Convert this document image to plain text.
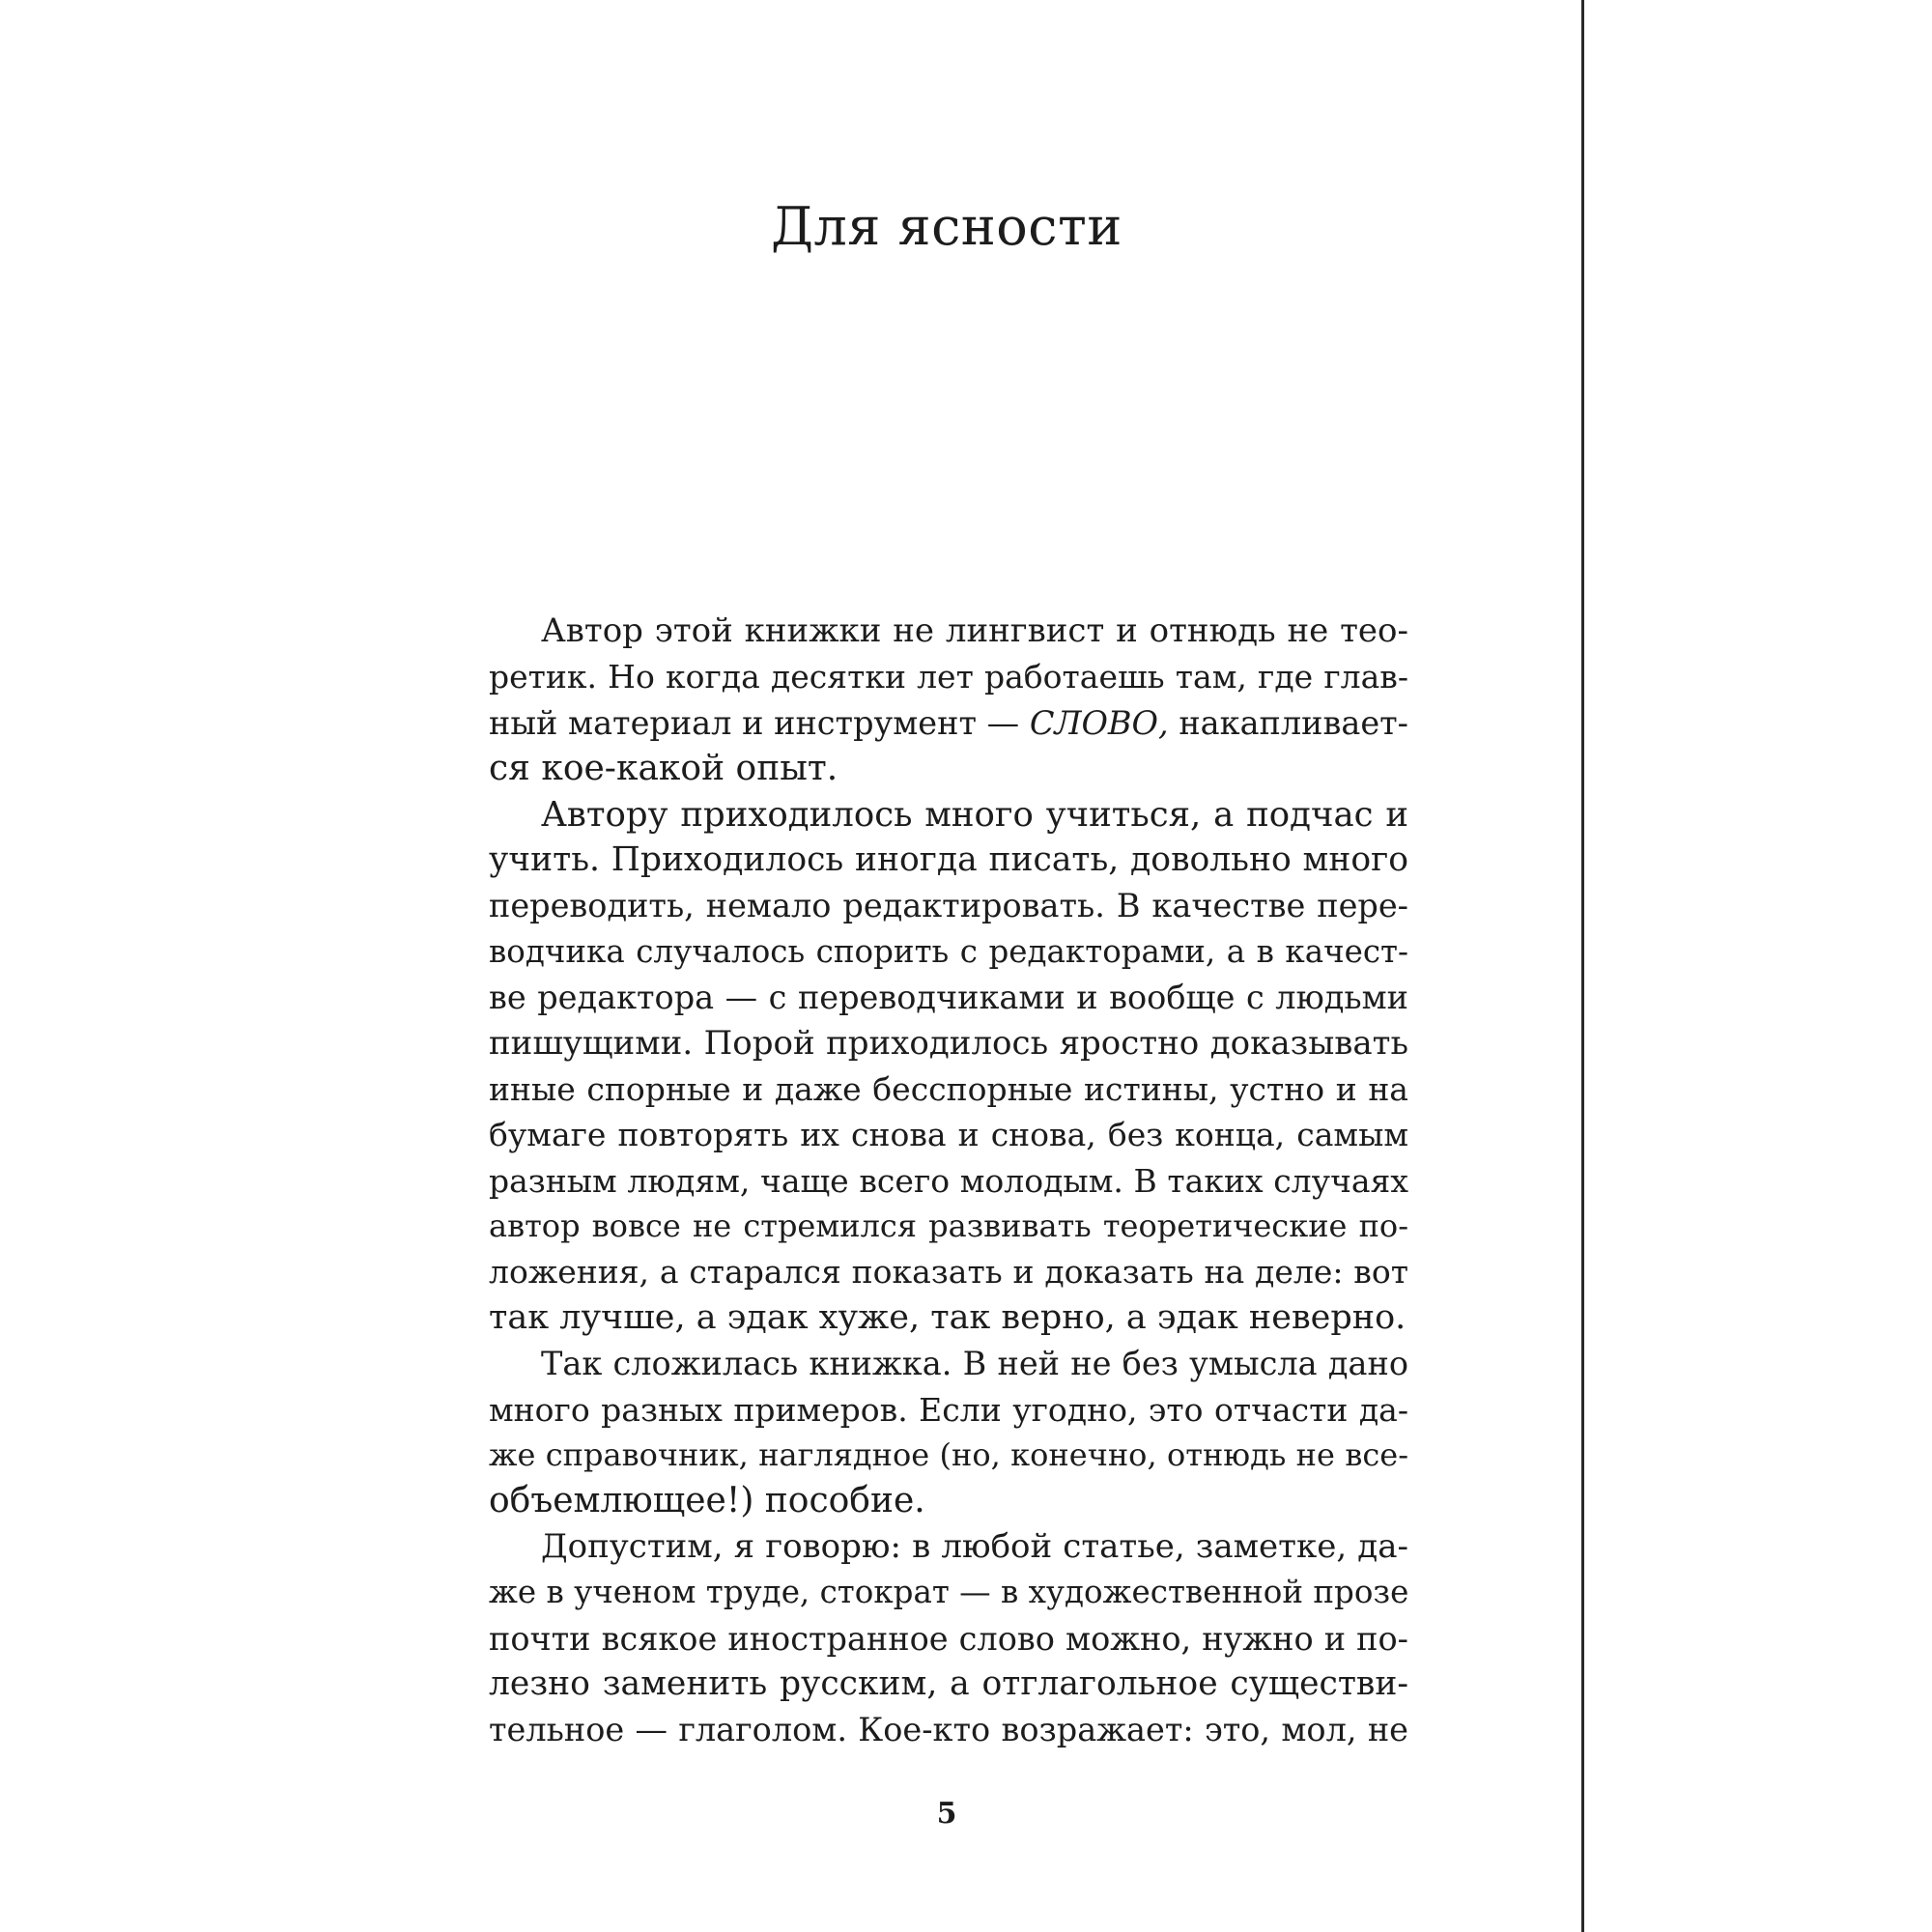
Для ясности
Автор этой книжки не лингвист и отнюдь не тео-
ретик. Но когда десятки лет работаешь там, где глав-
ный материал и инструмент — СЛОВО, накапливает-
ся кое-какой опыт.
Автору приходилось много учиться, а подчас и
учить. Приходилось иногда писать, довольно много
переводить, немало редактировать. В качестве пере-
водчика случалось спорить с редакторами, а в качест-
ве редактора — с переводчиками и вообще с людьми
пишущими. Порой приходилось яростно доказывать
иные спорные и даже бесспорные истины, устно и на
бумаге повторять их снова и снова, без конца, самым
разным людям, чаще всего молодым. В таких случаях
автор вовсе не стремился развивать теоретические по-
ложения, а старался показать и доказать на деле: вот
так лучше, а эдак хуже, так верно, а эдак неверно.
Так сложилась книжка. В ней не без умысла дано
много разных примеров. Если угодно, это отчасти да-
же справочник, наглядное (но, конечно, отнюдь не все-
объемлющее!) пособие.
Допустим, я говорю: в любой статье, заметке, да-
же в ученом труде, стократ — в художественной прозе
почти всякое иностранное слово можно, нужно и по-
лезно заменить русским, а отглагольное существи-
тельное — глаголом. Кое-кто возражает: это, мол, не
5
